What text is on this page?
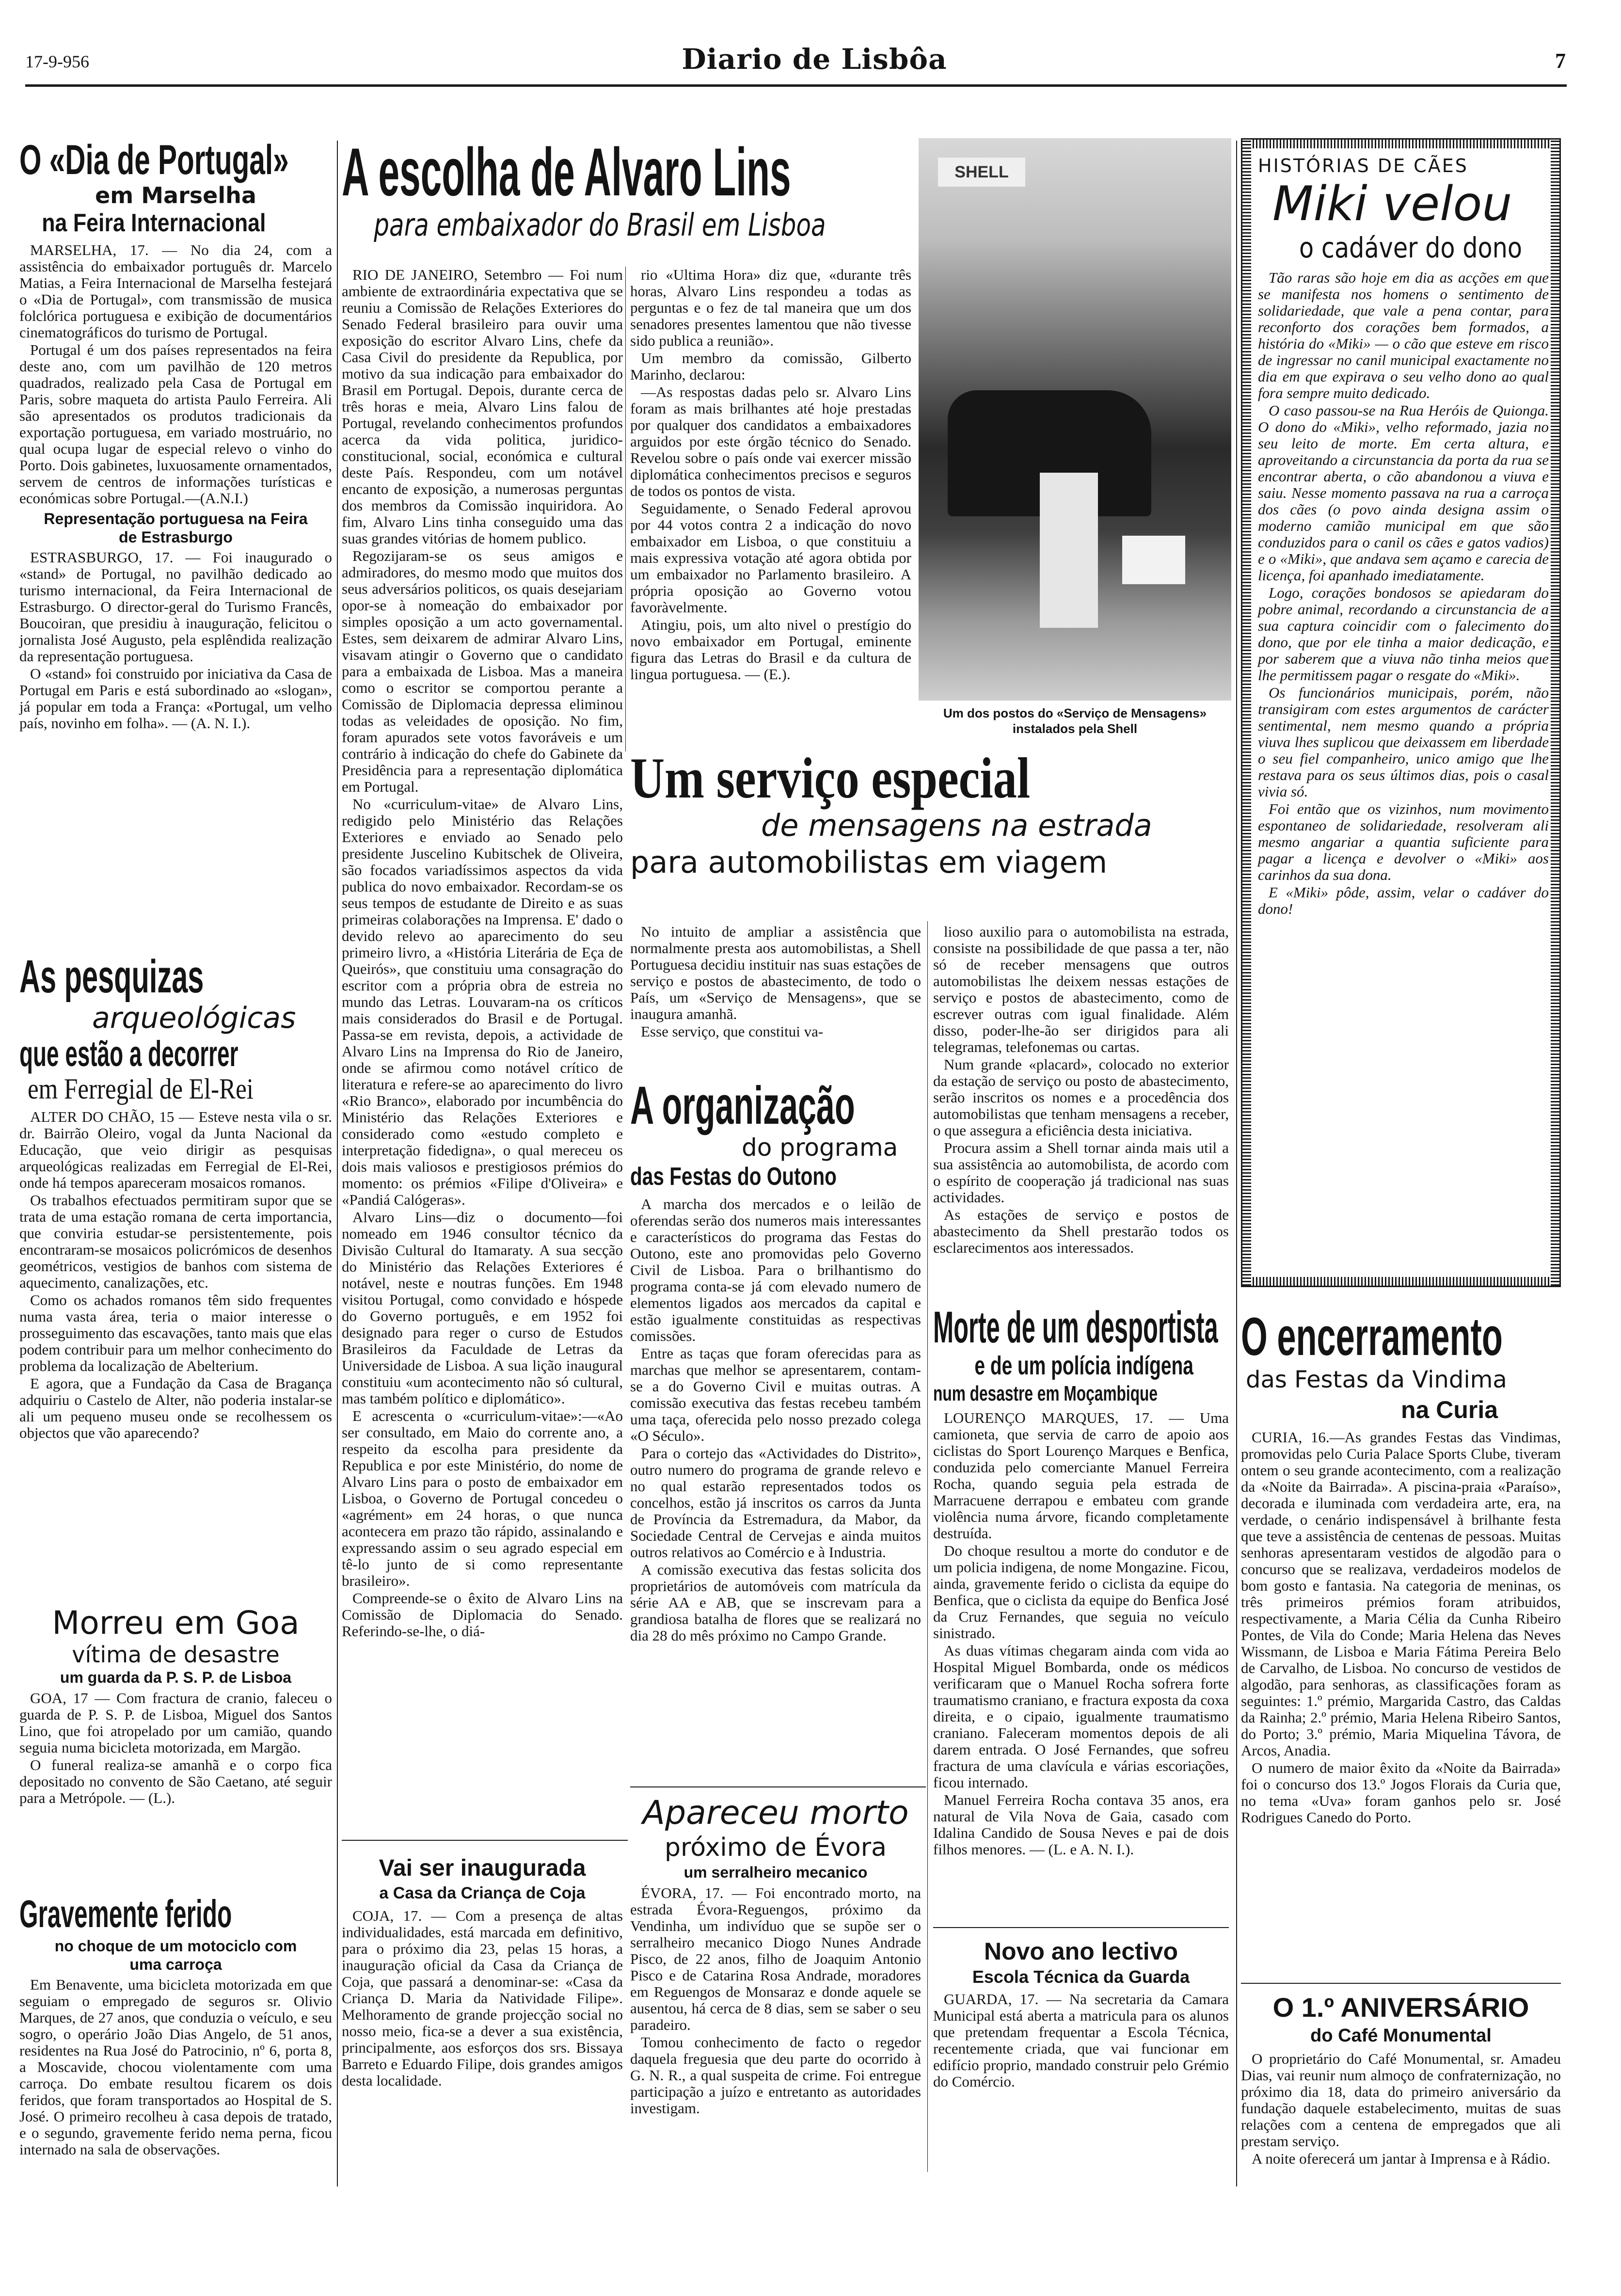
17-9-956	Diario de Lisbôa	7
O «Dia de Portugal»
em Marselha
na Feira Internacional

MARSELHA, 17. — No dia 24, com a assistência do embaixador português dr. Marcelo Matias, a Feira Internacional de Marselha festejará o «Dia de Portugal», com transmissão de musica folclórica portuguesa e exibição de documentários cinematográficos do turismo de Portugal.

Portugal é um dos países representados na feira deste ano, com um pavilhão de 120 metros quadrados, realizado pela Casa de Portugal em Paris, sobre maqueta do artista Paulo Ferreira. Ali são apresentados os produtos tradicionais da exportação portuguesa, em variado mostruário, no qual ocupa lugar de especial relevo o vinho do Porto. Dois gabinetes, luxuosamente ornamentados, servem de centros de informações turísticas e económicas sobre Portugal.—(A.N.I.)

Representação portuguesa na Feira de Estrasburgo

ESTRASBURGO, 17. — Foi inaugurado o «stand» de Portugal, no pavilhão dedicado ao turismo internacional, da Feira Internacional de Estrasburgo. O director-geral do Turismo Francês, Boucoiran, que presidiu à inauguração, felicitou o jornalista José Augusto, pela esplêndida realização da representação portuguesa.

O «stand» foi construido por iniciativa da Casa de Portugal em Paris e está subordinado ao «slogan», já popular em toda a França: «Portugal, um velho país, novinho em folha». — (A. N. I.).

As pesquizas
arqueológicas
que estão a decorrer
em Ferregial de El-Rei

ALTER DO CHÃO, 15 — Esteve nesta vila o sr. dr. Bairrão Oleiro, vogal da Junta Nacional da Educação, que veio dirigir as pesquisas arqueológicas realizadas em Ferregial de El-Rei, onde há tempos apareceram mosaicos romanos.

Os trabalhos efectuados permitiram supor que se trata de uma estação romana de certa importancia, que conviria estudar-se persistentemente, pois encontraram-se mosaicos policrómicos de desenhos geométricos, vestigios de banhos com sistema de aquecimento, canalizações, etc.

Como os achados romanos têm sido frequentes numa vasta área, teria o maior interesse o prosseguimento das escavações, tanto mais que elas podem contribuir para um melhor conhecimento do problema da localização de Abelterium.

E agora, que a Fundação da Casa de Bragança adquiriu o Castelo de Alter, não poderia instalar-se ali um pequeno museu onde se recolhessem os objectos que vão aparecendo?

Morreu em Goa
vítima de desastre
um guarda da P. S. P. de Lisboa

GOA, 17 — Com fractura de cranio, faleceu o guarda de P. S. P. de Lisboa, Miguel dos Santos Lino, que foi atropelado por um camião, quando seguia numa bicicleta motorizada, em Margão.

O funeral realiza-se amanhã e o corpo fica depositado no convento de São Caetano, até seguir para a Metrópole. — (L.).

Gravemente ferido
no choque de um motociclo com uma carroça

Em Benavente, uma bicicleta motorizada em que seguiam o empregado de seguros sr. Olivio Marques, de 27 anos, que conduzia o veículo, e seu sogro, o operário João Dias Angelo, de 51 anos, residentes na Rua José do Patrocinio, nº 6, porta 8, a Moscavide, chocou violentamente com uma carroça. Do embate resultou ficarem os dois feridos, que foram transportados ao Hospital de S. José. O primeiro recolheu à casa depois de tratado, e o segundo, gravemente ferido nema perna, ficou internado na sala de observações.

A escolha de Alvaro Lins
para embaixador do Brasil em Lisboa

RIO DE JANEIRO, Setembro — Foi num ambiente de extraordinária expectativa que se reuniu a Comissão de Relações Exteriores do Senado Federal brasileiro para ouvir uma exposição do escritor Alvaro Lins, chefe da Casa Civil do presidente da Republica, por motivo da sua indicação para embaixador do Brasil em Portugal. Depois, durante cerca de três horas e meia, Alvaro Lins falou de Portugal, revelando conhecimentos profundos acerca da vida politica, juridico-constitucional, social, económica e cultural deste País. Respondeu, com um notável encanto de exposição, a numerosas perguntas dos membros da Comissão inquiridora. Ao fim, Alvaro Lins tinha conseguido uma das suas grandes vitórias de homem publico.

Regozijaram-se os seus amigos e admiradores, do mesmo modo que muitos dos seus adversários politicos, os quais desejariam opor-se à nomeação do embaixador por simples oposição a um acto governamental. Estes, sem deixarem de admirar Alvaro Lins, visavam atingir o Governo que o candidato para a embaixada de Lisboa. Mas a maneira como o escritor se comportou perante a Comissão de Diplomacia depressa eliminou todas as veleidades de oposição. No fim, foram apurados sete votos favoráveis e um contrário à indicação do chefe do Gabinete da Presidência para a representação diplomática em Portugal.

No «curriculum-vitae» de Alvaro Lins, redigido pelo Ministério das Relações Exteriores e enviado ao Senado pelo presidente Juscelino Kubitschek de Oliveira, são focados variadíssimos aspectos da vida publica do novo embaixador. Recordam-se os seus tempos de estudante de Direito e as suas primeiras colaborações na Imprensa. E' dado o devido relevo ao aparecimento do seu primeiro livro, a «História Literária de Eça de Queirós», que constituiu uma consagração do escritor com a própria obra de estreia no mundo das Letras. Louvaram-na os críticos mais considerados do Brasil e de Portugal. Passa-se em revista, depois, a actividade de Alvaro Lins na Imprensa do Rio de Janeiro, onde se afirmou como notável crítico de literatura e refere-se ao aparecimento do livro «Rio Branco», elaborado por incumbência do Ministério das Relações Exteriores e considerado como «estudo completo e interpretação fidedigna», o qual mereceu os dois mais valiosos e prestigiosos prémios do momento: os prémios «Filipe d'Oliveira» e «Pandiá Calógeras».

Alvaro Lins—diz o documento—foi nomeado em 1946 consultor técnico da Divisão Cultural do Itamaraty. A sua secção do Ministério das Relações Exteriores é notável, neste e noutras funções. Em 1948 visitou Portugal, como convidado e hóspede do Governo português, e em 1952 foi designado para reger o curso de Estudos Brasileiros da Faculdade de Letras da Universidade de Lisboa. A sua lição inaugural constituiu «um acontecimento não só cultural, mas também político e diplomático».

E acrescenta o «curriculum-vitae»:—«Ao ser consultado, em Maio do corrente ano, a respeito da escolha para presidente da Republica e por este Ministério, do nome de Alvaro Lins para o posto de embaixador em Lisboa, o Governo de Portugal concedeu o «agrément» em 24 horas, o que nunca acontecera em prazo tão rápido, assinalando e expressando assim o seu agrado especial em tê-lo junto de si como representante brasileiro».

Compreende-se o êxito de Alvaro Lins na Comissão de Diplomacia do Senado. Referindo-se-lhe, o diá-

rio «Ultima Hora» diz que, «durante três horas, Alvaro Lins respondeu a todas as perguntas e o fez de tal maneira que um dos senadores presentes lamentou que não tivesse sido publica a reunião».

Um membro da comissão, Gilberto Marinho, declarou:

—As respostas dadas pelo sr. Alvaro Lins foram as mais brilhantes até hoje prestadas por qualquer dos candidatos a embaixadores arguidos por este órgão técnico do Senado. Revelou sobre o país onde vai exercer missão diplomática conhecimentos precisos e seguros de todos os pontos de vista.

Seguidamente, o Senado Federal aprovou por 44 votos contra 2 a indicação do novo embaixador em Lisboa, o que constituiu a mais expressiva votação até agora obtida por um embaixador no Parlamento brasileiro. A própria oposição ao Governo votou favoràvelmente.

Atingiu, pois, um alto nivel o prestígio do novo embaixador em Portugal, eminente figura das Letras do Brasil e da cultura de lingua portuguesa. — (E.).

SHELL
Um dos postos do «Serviço de Mensagens» instalados pela Shell
Um serviço especial
de mensagens na estrada
para automobilistas em viagem

No intuito de ampliar a assistência que normalmente presta aos automobilistas, a Shell Portuguesa decidiu instituir nas suas estações de serviço e postos de abastecimento, de todo o País, um «Serviço de Mensagens», que se inaugura amanhã.

Esse serviço, que constitui va-

lioso auxilio para o automobilista na estrada, consiste na possibilidade de que passa a ter, não só de receber mensagens que outros automobilistas lhe deixem nessas estações de serviço e postos de abastecimento, como de escrever outras com igual finalidade. Além disso, poder-lhe-ão ser dirigidos para ali telegramas, telefonemas ou cartas.

Num grande «placard», colocado no exterior da estação de serviço ou posto de abastecimento, serão inscritos os nomes e a procedência dos automobilistas que tenham mensagens a receber, o que assegura a eficiência desta iniciativa.

Procura assim a Shell tornar ainda mais util a sua assistência ao automobilista, de acordo com o espírito de cooperação já tradicional nas suas actividades.

As estações de serviço e postos de abastecimento da Shell prestarão todos os esclarecimentos aos interessados.

A organização
do programa
das Festas do Outono

A marcha dos mercados e o leilão de oferendas serão dos numeros mais interessantes e característicos do programa das Festas do Outono, este ano promovidas pelo Governo Civil de Lisboa. Para o brilhantismo do programa conta-se já com elevado numero de elementos ligados aos mercados da capital e estão igualmente constituidas as respectivas comissões.

Entre as taças que foram oferecidas para as marchas que melhor se apresentarem, contam-se a do Governo Civil e muitas outras. A comissão executiva das festas recebeu também uma taça, oferecida pelo nosso prezado colega «O Século».

Para o cortejo das «Actividades do Distrito», outro numero do programa de grande relevo e no qual estarão representados todos os concelhos, estão já inscritos os carros da Junta de Província da Estremadura, da Mabor, da Sociedade Central de Cervejas e ainda muitos outros relativos ao Comércio e à Industria.

A comissão executiva das festas solicita dos proprietários de automóveis com matrícula da série AA e AB, que se inscrevam para a grandiosa batalha de flores que se realizará no dia 28 do mês próximo no Campo Grande.

Morte de um desportista
e de um polícia indígena
num desastre em Moçambique

LOURENÇO MARQUES, 17. — Uma camioneta, que servia de carro de apoio aos ciclistas do Sport Lourenço Marques e Benfica, conduzida pelo comerciante Manuel Ferreira Rocha, quando seguia pela estrada de Marracuene derrapou e embateu com grande violência numa árvore, ficando completamente destruída.

Do choque resultou a morte do condutor e de um policia indigena, de nome Mongazine. Ficou, ainda, gravemente ferido o ciclista da equipe do Benfica, que o ciclista da equipe do Benfica José da Cruz Fernandes, que seguia no veículo sinistrado.

As duas vítimas chegaram ainda com vida ao Hospital Miguel Bombarda, onde os médicos verificaram que o Manuel Rocha sofrera forte traumatismo craniano, e fractura exposta da coxa direita, e o cipaio, igualmente traumatismo craniano. Faleceram momentos depois de ali darem entrada. O José Fernandes, que sofreu fractura de uma clavícula e várias escoriações, ficou internado.

Manuel Ferreira Rocha contava 35 anos, era natural de Vila Nova de Gaia, casado com Idalina Candido de Sousa Neves e pai de dois filhos menores. — (L. e A. N. I.).

Vai ser inaugurada
a Casa da Criança de Coja

COJA, 17. — Com a presença de altas individualidades, está marcada em definitivo, para o próximo dia 23, pelas 15 horas, a inauguração oficial da Casa da Criança de Coja, que passará a denominar-se: «Casa da Criança D. Maria da Natividade Filipe». Melhoramento de grande projecção social no nosso meio, fica-se a dever a sua existência, principalmente, aos esforços dos srs. Bissaya Barreto e Eduardo Filipe, dois grandes amigos desta localidade.

Apareceu morto
próximo de Évora
um serralheiro mecanico

ÉVORA, 17. — Foi encontrado morto, na estrada Évora-Reguengos, próximo da Vendinha, um indivíduo que se supõe ser o serralheiro mecanico Diogo Nunes Andrade Pisco, de 22 anos, filho de Joaquim Antonio Pisco e de Catarina Rosa Andrade, moradores em Reguengos de Monsaraz e donde aquele se ausentou, há cerca de 8 dias, sem se saber o seu paradeiro.

Tomou conhecimento de facto o regedor daquela freguesia que deu parte do ocorrido à G. N. R., a qual suspeita de crime. Foi entregue participação a juízo e entretanto as autoridades investigam.

Novo ano lectivo
Escola Técnica da Guarda

GUARDA, 17. — Na secretaria da Camara Municipal está aberta a matricula para os alunos que pretendam frequentar a Escola Técnica, recentemente criada, que vai funcionar em edifício proprio, mandado construir pelo Grémio do Comércio.

HISTÓRIAS DE CÃES
Miki velou
o cadáver do dono

Tão raras são hoje em dia as acções em que se manifesta nos homens o sentimento de solidariedade, que vale a pena contar, para reconforto dos corações bem formados, a história do «Miki» — o cão que esteve em risco de ingressar no canil municipal exactamente no dia em que expirava o seu velho dono ao qual fora sempre muito dedicado.

O caso passou-se na Rua Heróis de Quionga. O dono do «Miki», velho reformado, jazia no seu leito de morte. Em certa altura, e aproveitando a circunstancia da porta da rua se encontrar aberta, o cão abandonou a viuva e saiu. Nesse momento passava na rua a carroça dos cães (o povo ainda designa assim o moderno camião municipal em que são conduzidos para o canil os cães e gatos vadios) e o «Miki», que andava sem açamo e carecia de licença, foi apanhado imediatamente.

Logo, corações bondosos se apiedaram do pobre animal, recordando a circunstancia de a sua captura coincidir com o falecimento do dono, que por ele tinha a maior dedicação, e por saberem que a viuva não tinha meios que lhe permitissem pagar o resgate do «Miki».

Os funcionários municipais, porém, não transigiram com estes argumentos de carácter sentimental, nem mesmo quando a própria viuva lhes suplicou que deixassem em liberdade o seu fiel companheiro, unico amigo que lhe restava para os seus últimos dias, pois o casal vivia só.

Foi então que os vizinhos, num movimento espontaneo de solidariedade, resolveram ali mesmo angariar a quantia suficiente para pagar a licença e devolver o «Miki» aos carinhos da sua dona.

E «Miki» pôde, assim, velar o cadáver do dono!

O encerramento
das Festas da Vindima
na Curia

CURIA, 16.—As grandes Festas das Vindimas, promovidas pelo Curia Palace Sports Clube, tiveram ontem o seu grande acontecimento, com a realização da «Noite da Bairrada». A piscina-praia «Paraíso», decorada e iluminada com verdadeira arte, era, na verdade, o cenário indispensável à brilhante festa que teve a assistência de centenas de pessoas. Muitas senhoras apresentaram vestidos de algodão para o concurso que se realizava, verdadeiros modelos de bom gosto e fantasia. Na categoria de meninas, os três primeiros prémios foram atribuidos, respectivamente, a Maria Célia da Cunha Ribeiro Pontes, de Vila do Conde; Maria Helena das Neves Wissmann, de Lisboa e Maria Fátima Pereira Belo de Carvalho, de Lisboa. No concurso de vestidos de algodão, para senhoras, as classificações foram as seguintes: 1.º prémio, Margarida Castro, das Caldas da Rainha; 2.º prémio, Maria Helena Ribeiro Santos, do Porto; 3.º prémio, Maria Miquelina Távora, de Arcos, Anadia.

O numero de maior êxito da «Noite da Bairrada» foi o concurso dos 13.º Jogos Florais da Curia que, no tema «Uva» foram ganhos pelo sr. José Rodrigues Canedo do Porto.

O 1.º ANIVERSÁRIO
do Café Monumental

O proprietário do Café Monumental, sr. Amadeu Dias, vai reunir num almoço de confraternização, no próximo dia 18, data do primeiro aniversário da fundação daquele estabelecimento, muitas de suas relações com a centena de empregados que ali prestam serviço.

A noite oferecerá um jantar à Imprensa e à Rádio.
